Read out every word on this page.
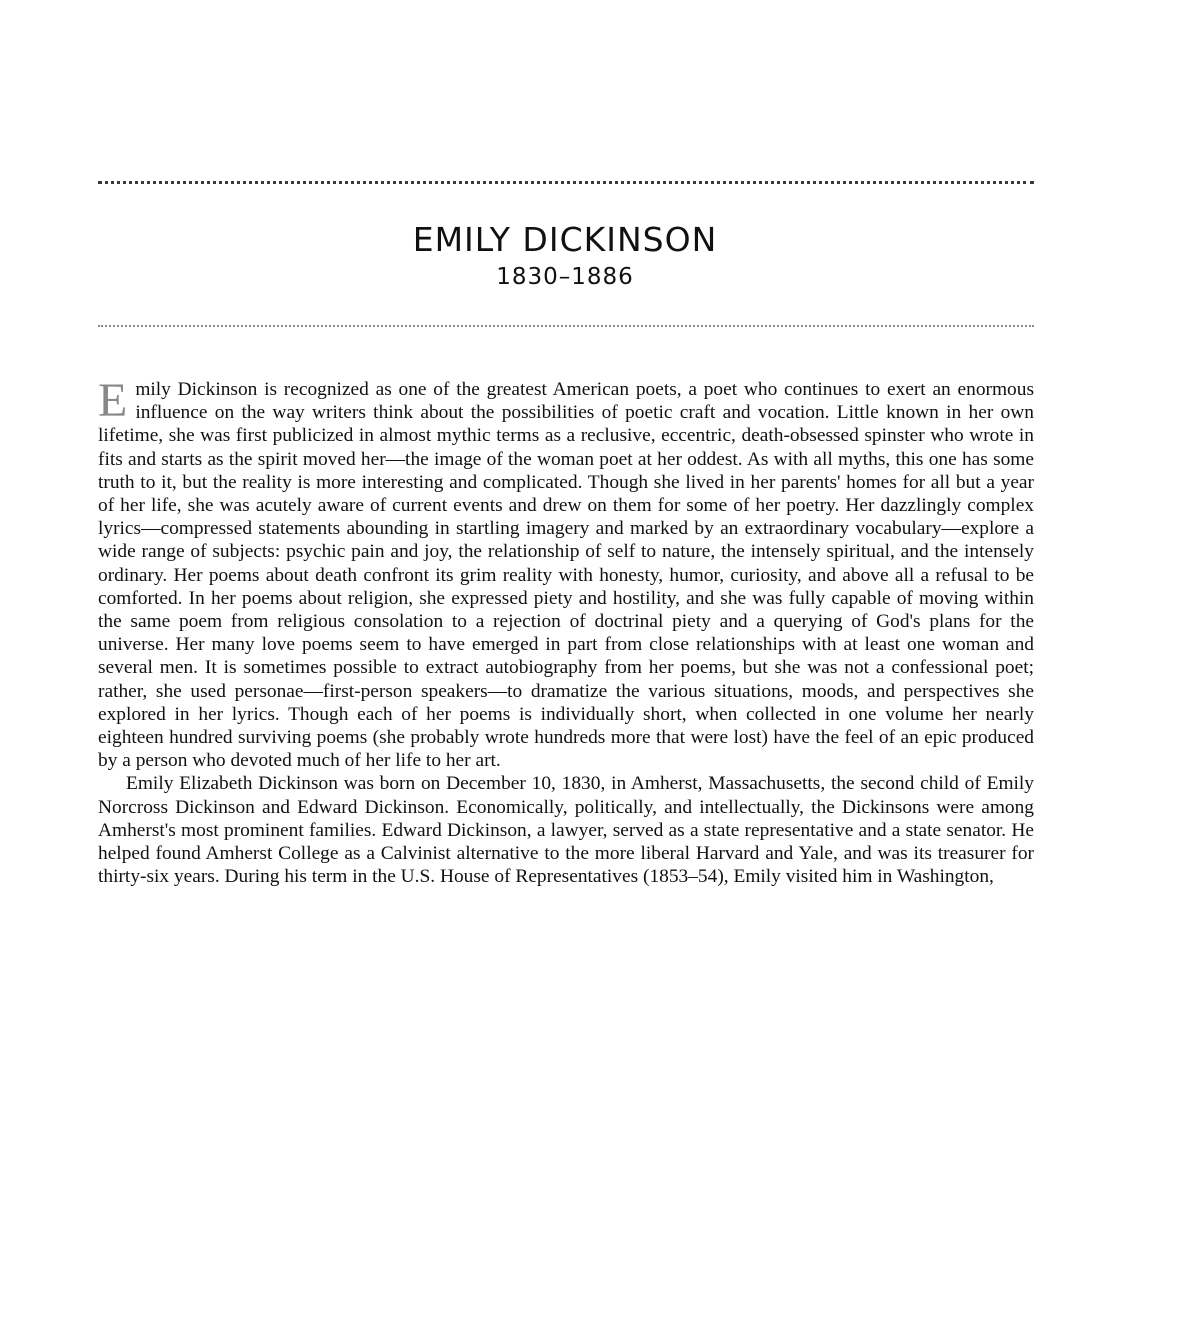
EMILY DICKINSON
1830–1886

Emily Dickinson is recognized as one of the greatest American poets, a poet who continues to exert an enormous influence on the way writers think about the possibilities of poetic craft and vocation. Little known in her own lifetime, she was first publicized in almost mythic terms as a reclusive, eccentric, death-obsessed spinster who wrote in fits and starts as the spirit moved her—the image of the woman poet at her oddest. As with all myths, this one has some truth to it, but the reality is more interesting and complicated. Though she lived in her parents' homes for all but a year of her life, she was acutely aware of current events and drew on them for some of her poetry. Her dazzlingly complex lyrics—compressed statements abounding in startling imagery and marked by an extraordinary vocabulary—explore a wide range of subjects: psychic pain and joy, the relationship of self to nature, the intensely spiritual, and the intensely ordinary. Her poems about death confront its grim reality with honesty, humor, curiosity, and above all a refusal to be comforted. In her poems about religion, she expressed piety and hostility, and she was fully capable of moving within the same poem from religious consolation to a rejection of doctrinal piety and a querying of God's plans for the universe. Her many love poems seem to have emerged in part from close relationships with at least one woman and several men. It is sometimes possible to extract autobiography from her poems, but she was not a confessional poet; rather, she used personae—first-person speakers—to dramatize the various situations, moods, and perspectives she explored in her lyrics. Though each of her poems is individually short, when collected in one volume her nearly eighteen hundred surviving poems (she probably wrote hundreds more that were lost) have the feel of an epic produced by a person who devoted much of her life to her art.

Emily Elizabeth Dickinson was born on December 10, 1830, in Amherst, Massachusetts, the second child of Emily Norcross Dickinson and Edward Dickinson. Economically, politically, and intellectually, the Dickinsons were among Amherst's most prominent families. Edward Dickinson, a lawyer, served as a state representative and a state senator. He helped found Amherst College as a Calvinist alternative to the more liberal Harvard and Yale, and was its treasurer for thirty-six years. During his term in the U.S. House of Representatives (1853–54), Emily visited him in Washington,
